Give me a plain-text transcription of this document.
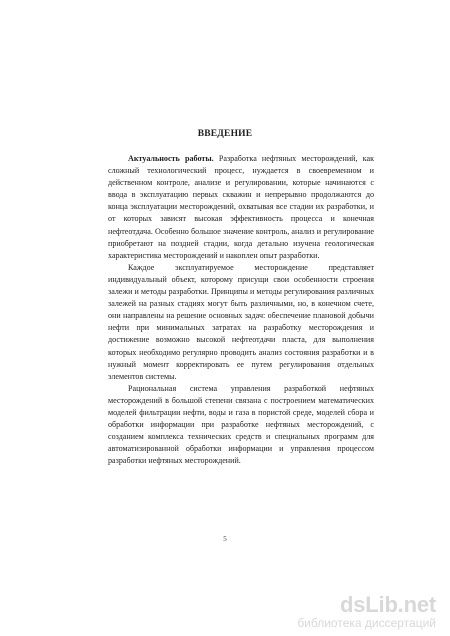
ВВЕДЕНИЕ

Актуальность работы. Разработка нефтяных месторождений, как сложный технологический процесс, нуждается в своевременном и действенном контроле, анализе и регулировании, которые начинаются с ввода в эксплуатацию первых скважин и непрерывно продолжаются до конца эксплуатации месторождений, охватывая все стадии их разработки, и от которых зависят высокая эффективность процесса и конечная нефтеотдача. Особенно большое значение контроль, анализ и регулирование приобретают на поздней стадии, когда детально изучена геологическая характеристика месторождений и накоплен опыт разработки.

Каждое эксплуатируемое месторождение представляет индивидуальный объект, которому присущи свои особенности строения залежи и методы разработки. Принципы и методы регулирования различных залежей на разных стадиях могут быть различными, но, в конечном счете, они направлены на решение основных задач: обеспечение плановой добычи нефти при минимальных затратах на разработку месторождения и достижение возможно высокой нефтеотдачи пласта, для выполнения которых необходимо регулярно проводить анализ состояния разработки и в нужный момент корректировать ее путем регулирования отдельных элементов системы.

Рациональная система управления разработкой нефтяных месторождений в большой степени связана с построением математических моделей фильтрации нефти, воды и газа в пористой среде, моделей сбора и обработки информации при разработке нефтяных месторождений, с созданием комплекса технических средств и специальных программ для автоматизированной обработки информации и управления процессом разработки нефтяных месторождений.

5
dsLib.net
библиотека диссертаций
